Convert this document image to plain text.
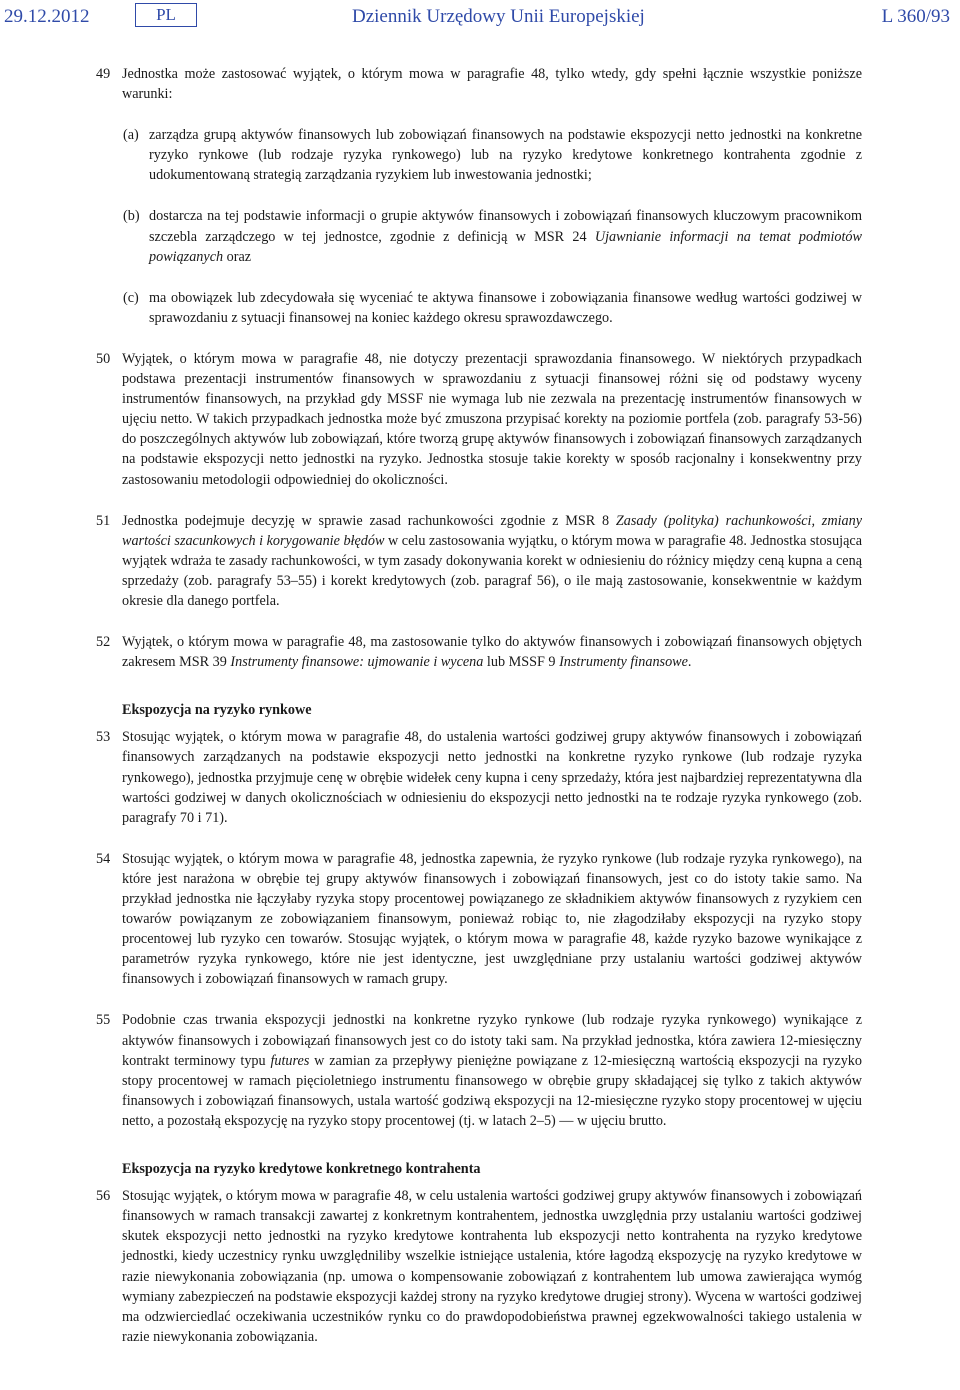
29.12.2012	PL	Dziennik Urzędowy Unii Europejskiej	L 360/93
49 Jednostka może zastosować wyjątek, o którym mowa w paragrafie 48, tylko wtedy, gdy spełni łącznie wszystkie poniższe warunki:
(a) zarządza grupą aktywów finansowych lub zobowiązań finansowych na podstawie ekspozycji netto jednostki na konkretne ryzyko rynkowe (lub rodzaje ryzyka rynkowego) lub na ryzyko kredytowe konkretnego kontrahenta zgodnie z udokumentowaną strategią zarządzania ryzykiem lub inwestowania jednostki;
(b) dostarcza na tej podstawie informacji o grupie aktywów finansowych i zobowiązań finansowych kluczowym pracownikom szczebla zarządczego w tej jednostce, zgodnie z definicją w MSR 24 Ujawnianie informacji na temat podmiotów powiązanych oraz
(c) ma obowiązek lub zdecydowała się wyceniać te aktywa finansowe i zobowiązania finansowe według wartości godziwej w sprawozdaniu z sytuacji finansowej na koniec każdego okresu sprawozdawczego.
50 Wyjątek, o którym mowa w paragrafie 48, nie dotyczy prezentacji sprawozdania finansowego. W niektórych przypadkach podstawa prezentacji instrumentów finansowych w sprawozdaniu z sytuacji finansowej różni się od podstawy wyceny instrumentów finansowych, na przykład gdy MSSF nie wymaga lub nie zezwala na prezentację instrumentów finansowych w ujęciu netto. W takich przypadkach jednostka może być zmuszona przypisać korekty na poziomie portfela (zob. paragrafy 53-56) do poszczególnych aktywów lub zobowiązań, które tworzą grupę aktywów finansowych i zobowiązań finansowych zarządzanych na podstawie ekspozycji netto jednostki na ryzyko. Jednostka stosuje takie korekty w sposób racjonalny i konsekwentny przy zastosowaniu metodologii odpowiedniej do okoliczności.
51 Jednostka podejmuje decyzję w sprawie zasad rachunkowości zgodnie z MSR 8 Zasady (polityka) rachunkowości, zmiany wartości szacunkowych i korygowanie błędów w celu zastosowania wyjątku, o którym mowa w paragrafie 48. Jednostka stosująca wyjątek wdraża te zasady rachunkowości, w tym zasady dokonywania korekt w odniesieniu do różnicy między ceną kupna a ceną sprzedaży (zob. paragrafy 53–55) i korekt kredytowych (zob. paragraf 56), o ile mają zastosowanie, konsekwentnie w każdym okresie dla danego portfela.
52 Wyjątek, o którym mowa w paragrafie 48, ma zastosowanie tylko do aktywów finansowych i zobowiązań finansowych objętych zakresem MSR 39 Instrumenty finansowe: ujmowanie i wycena lub MSSF 9 Instrumenty finansowe.
Ekspozycja na ryzyko rynkowe
53 Stosując wyjątek, o którym mowa w paragrafie 48, do ustalenia wartości godziwej grupy aktywów finansowych i zobowiązań finansowych zarządzanych na podstawie ekspozycji netto jednostki na konkretne ryzyko rynkowe (lub rodzaje ryzyka rynkowego), jednostka przyjmuje cenę w obrębie widełek ceny kupna i ceny sprzedaży, która jest najbardziej reprezentatywna dla wartości godziwej w danych okolicznościach w odniesieniu do ekspozycji netto jednostki na te rodzaje ryzyka rynkowego (zob. paragrafy 70 i 71).
54 Stosując wyjątek, o którym mowa w paragrafie 48, jednostka zapewnia, że ryzyko rynkowe (lub rodzaje ryzyka rynkowego), na które jest narażona w obrębie tej grupy aktywów finansowych i zobowiązań finansowych, jest co do istoty takie samo. Na przykład jednostka nie łączyłaby ryzyka stopy procentowej powiązanego ze składnikiem aktywów finansowych z ryzykiem cen towarów powiązanym ze zobowiązaniem finansowym, ponieważ robiąc to, nie złagodziłaby ekspozycji na ryzyko stopy procentowej lub ryzyko cen towarów. Stosując wyjątek, o którym mowa w paragrafie 48, każde ryzyko bazowe wynikające z parametrów ryzyka rynkowego, które nie jest identyczne, jest uwzględniane przy ustalaniu wartości godziwej aktywów finansowych i zobowiązań finansowych w ramach grupy.
55 Podobnie czas trwania ekspozycji jednostki na konkretne ryzyko rynkowe (lub rodzaje ryzyka rynkowego) wynikające z aktywów finansowych i zobowiązań finansowych jest co do istoty taki sam. Na przykład jednostka, która zawiera 12-miesięczny kontrakt terminowy typu futures w zamian za przepływy pieniężne powiązane z 12-miesięczną wartością ekspozycji na ryzyko stopy procentowej w ramach pięcioletniego instrumentu finansowego w obrębie grupy składającej się tylko z takich aktywów finansowych i zobowiązań finansowych, ustala wartość godziwą ekspozycji na 12-miesięczne ryzyko stopy procentowej w ujęciu netto, a pozostałą ekspozycję na ryzyko stopy procentowej (tj. w latach 2–5) — w ujęciu brutto.
Ekspozycja na ryzyko kredytowe konkretnego kontrahenta
56 Stosując wyjątek, o którym mowa w paragrafie 48, w celu ustalenia wartości godziwej grupy aktywów finansowych i zobowiązań finansowych w ramach transakcji zawartej z konkretnym kontrahentem, jednostka uwzględnia przy ustalaniu wartości godziwej skutek ekspozycji netto jednostki na ryzyko kredytowe kontrahenta lub ekspozycji netto kontrahenta na ryzyko kredytowe jednostki, kiedy uczestnicy rynku uwzględniliby wszelkie istniejące ustalenia, które łagodzą ekspozycję na ryzyko kredytowe w razie niewykonania zobowiązania (np. umowa o kompensowanie zobowiązań z kontrahentem lub umowa zawierająca wymóg wymiany zabezpieczeń na podstawie ekspozycji każdej strony na ryzyko kredytowe drugiej strony). Wycena w wartości godziwej ma odzwierciedlać oczekiwania uczestników rynku co do prawdopodobieństwa prawnej egzekwowalności takiego ustalenia w razie niewykonania zobowiązania.
